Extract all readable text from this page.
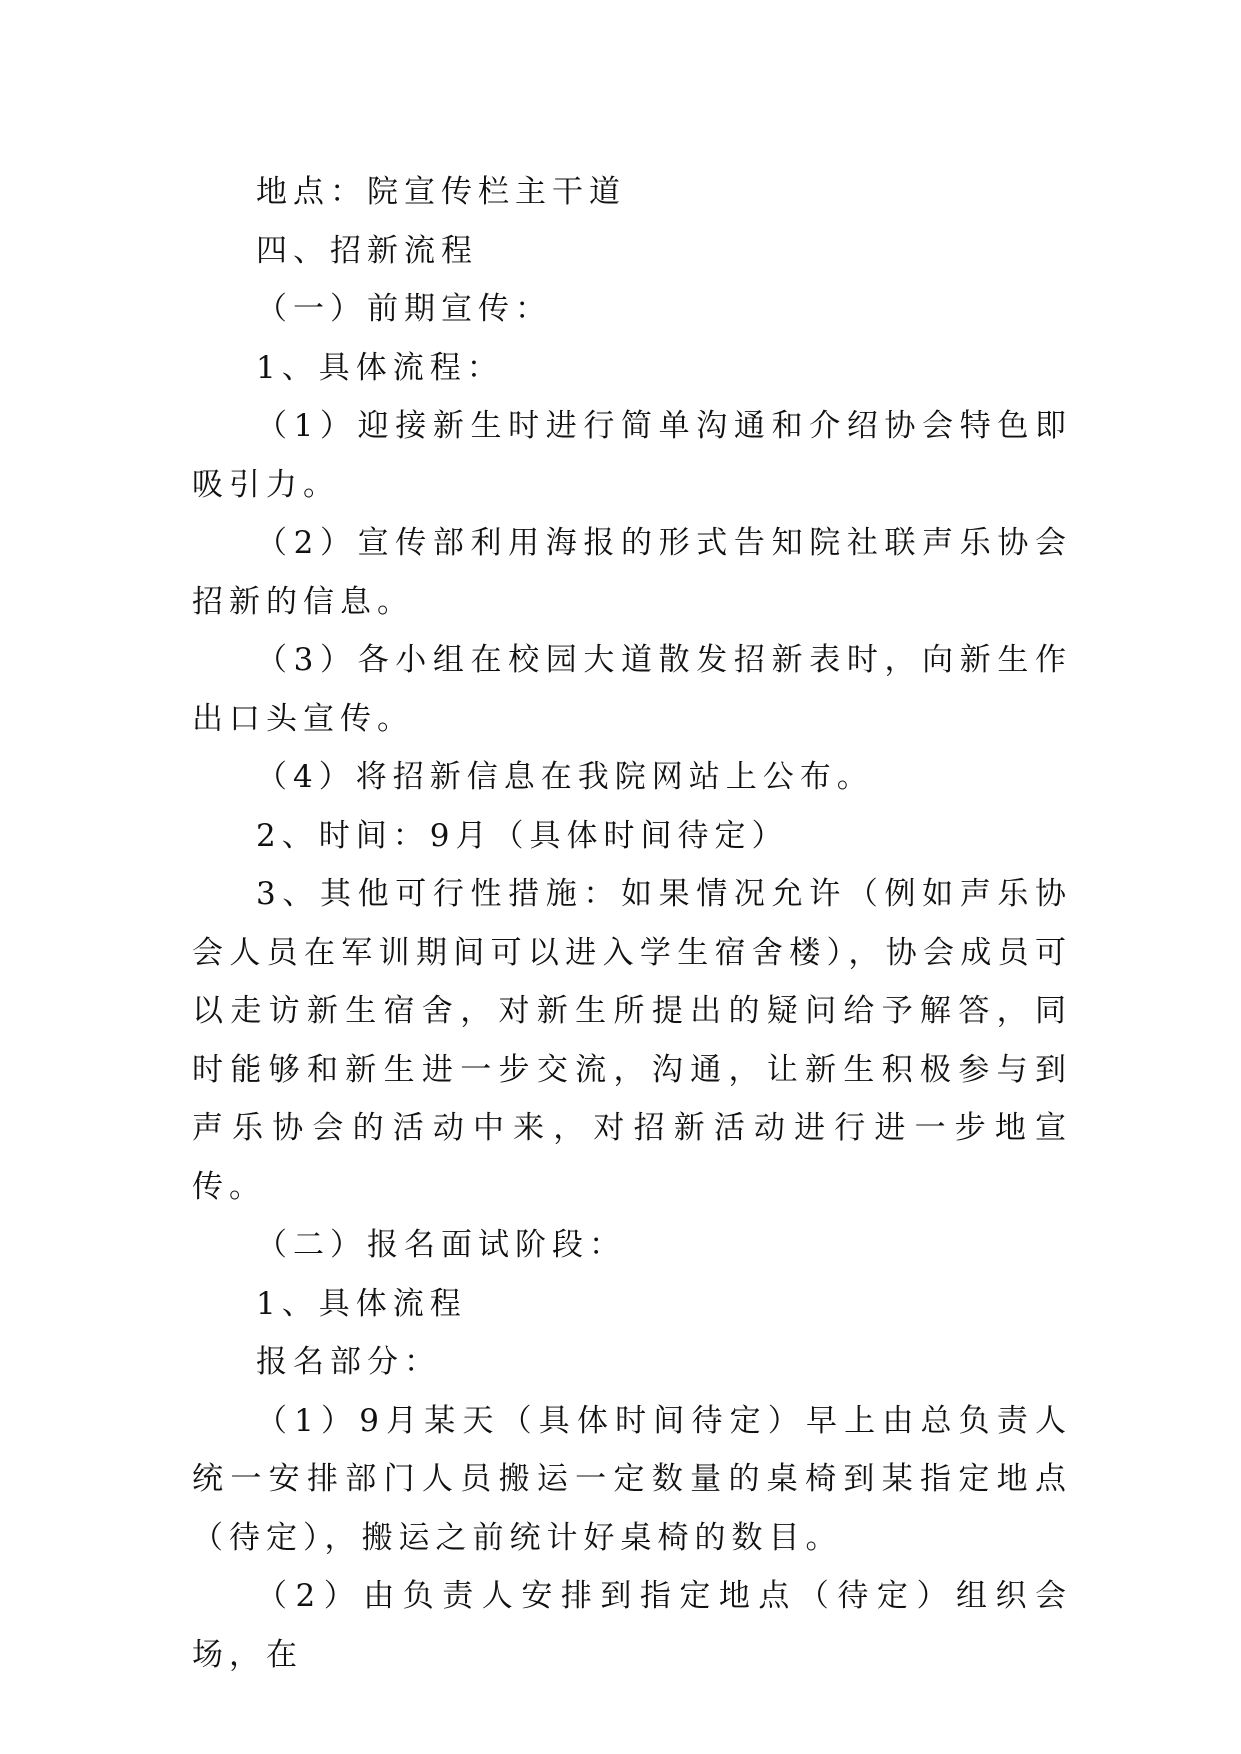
地点：院宣传栏主干道

四、招新流程

（一）前期宣传：

1、具体流程：

（1）迎接新生时进行简单沟通和介绍协会特色即吸引力。

（2）宣传部利用海报的形式告知院社联声乐协会招新的信息。

（3）各小组在校园大道散发招新表时，向新生作出口头宣传。

（4）将招新信息在我院网站上公布。

2、时间：9月（具体时间待定）

3、其他可行性措施：如果情况允许（例如声乐协会人员在军训期间可以进入学生宿舍楼），协会成员可以走访新生宿舍，对新生所提出的疑问给予解答，同时能够和新生进一步交流，沟通，让新生积极参与到声乐协会的活动中来，对招新活动进行进一步地宣传。

（二）报名面试阶段：

1、具体流程

报名部分：

（1）9月某天（具体时间待定）早上由总负责人统一安排部门人员搬运一定数量的桌椅到某指定地点（待定），搬运之前统计好桌椅的数目。

（2）由负责人安排到指定地点（待定）组织会场，在
